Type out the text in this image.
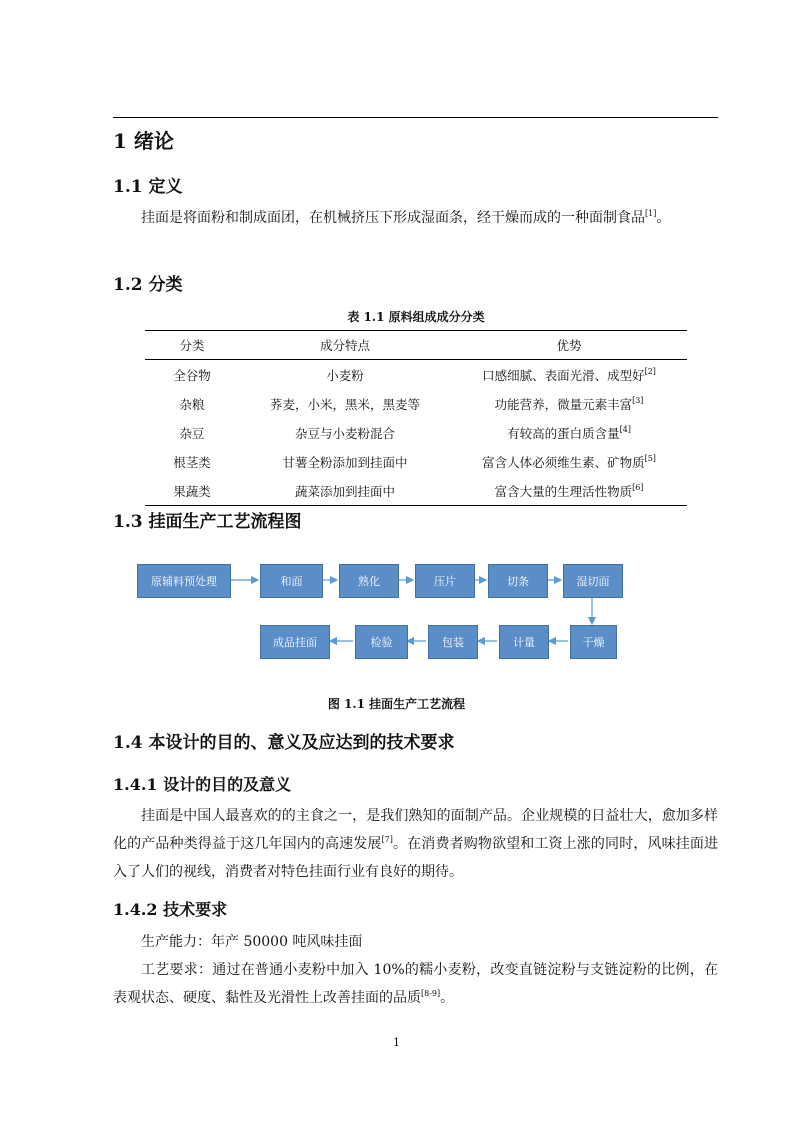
1 绪论
1.1 定义
挂面是将面粉和制成面团，在机械挤压下形成湿面条，经干燥而成的一种面制食品[1]。
1.2 分类
表 1.1 原料组成成分分类
分类	成分特点	优势
全谷物	小麦粉	口感细腻、表面光滑、成型好[2]
杂粮	荞麦，小米，黑米，黑麦等	功能营养，微量元素丰富[3]
杂豆	杂豆与小麦粉混合	有较高的蛋白质含量[4]
根茎类	甘薯全粉添加到挂面中	富含人体必须维生素、矿物质[5]
果蔬类	蔬菜添加到挂面中	富含大量的生理活性物质[6]
1.3 挂面生产工艺流程图
原辅料预处理	和面	熟化	压片	切条	湿切面
成品挂面	检验	包装	计量	干燥
图 1.1 挂面生产工艺流程
1.4 本设计的目的、意义及应达到的技术要求
1.4.1 设计的目的及意义
挂面是中国人最喜欢的的主食之一，是我们熟知的面制产品。企业规模的日益壮大，愈加多样化的产品种类得益于这几年国内的高速发展[7]。在消费者购物欲望和工资上涨的同时，风味挂面进入了人们的视线，消费者对特色挂面行业有良好的期待。
1.4.2 技术要求
生产能力：年产 50000 吨风味挂面
工艺要求：通过在普通小麦粉中加入 10%的糯小麦粉，改变直链淀粉与支链淀粉的比例，在表观状态、硬度、黏性及光滑性上改善挂面的品质[8-9]。
1
